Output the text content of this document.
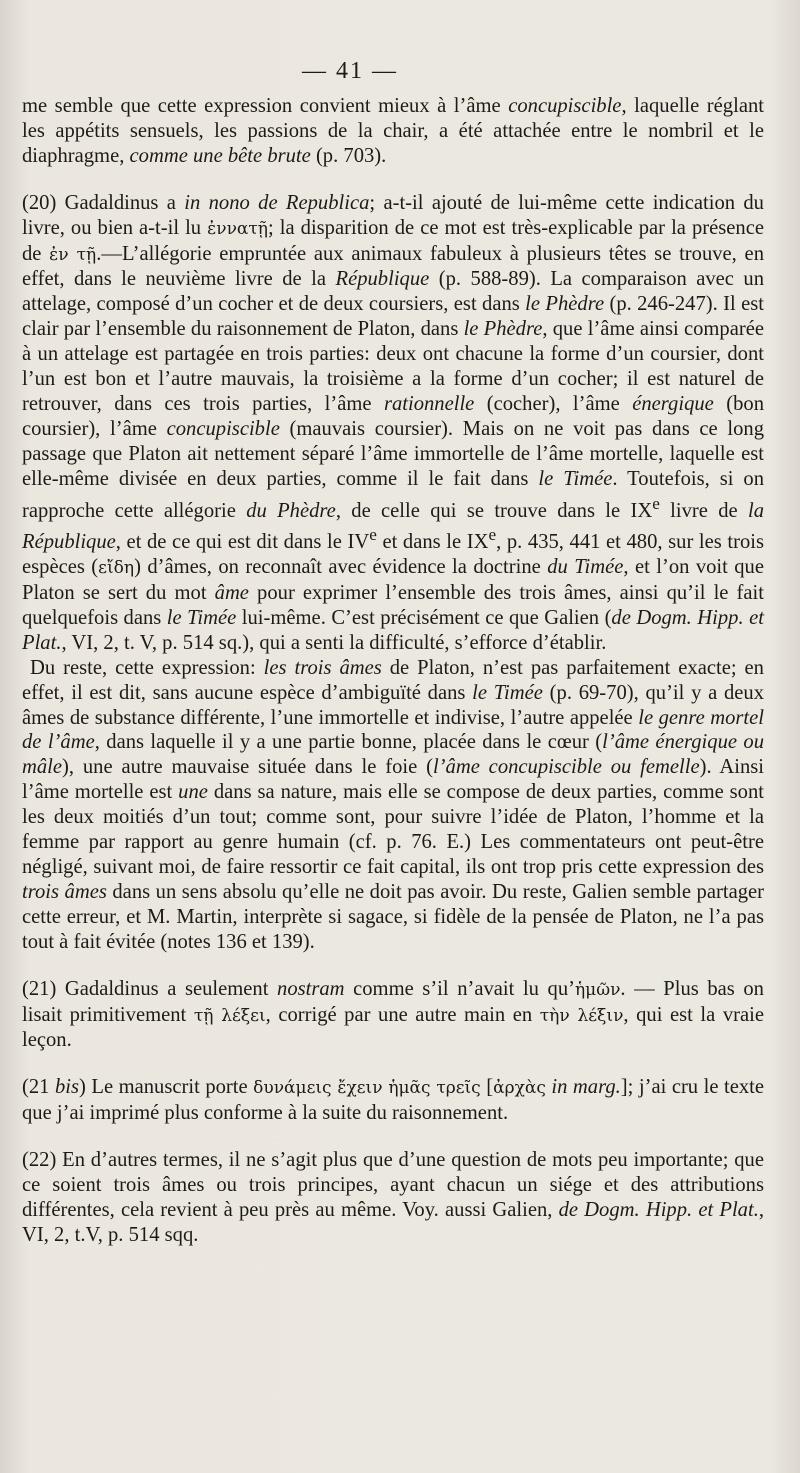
— 41 —

me semble que cette expression convient mieux à l’âme concupiscible, laquelle réglant les appétits sensuels, les passions de la chair, a été attachée entre le nombril et le diaphragme, comme une bête brute (p. 703).

(20) Gadaldinus a in nono de Republica; a-t-il ajouté de lui-même cette indication du livre, ou bien a-t-il lu ἐννατῇ; la disparition de ce mot est très-explicable par la présence de ἐν τῇ.—L’allégorie empruntée aux animaux fabuleux à plusieurs têtes se trouve, en effet, dans le neuvième livre de la République (p. 588-89). La comparaison avec un attelage, composé d’un cocher et de deux coursiers, est dans le Phèdre (p. 246-247). Il est clair par l’ensemble du raisonnement de Platon, dans le Phèdre, que l’âme ainsi comparée à un attelage est partagée en trois parties: deux ont chacune la forme d’un coursier, dont l’un est bon et l’autre mauvais, la troisième a la forme d’un cocher; il est naturel de retrouver, dans ces trois parties, l’âme rationnelle (cocher), l’âme énergique (bon coursier), l’âme concupiscible (mauvais coursier). Mais on ne voit pas dans ce long passage que Platon ait nettement séparé l’âme immortelle de l’âme mortelle, laquelle est elle-même divisée en deux parties, comme il le fait dans le Timée. Toutefois, si on rapproche cette allégorie du Phèdre, de celle qui se trouve dans le IXe livre de la République, et de ce qui est dit dans le IVe et dans le IXe, p. 435, 441 et 480, sur les trois espèces (εἴδη) d’âmes, on reconnaît avec évidence la doctrine du Timée, et l’on voit que Platon se sert du mot âme pour exprimer l’ensemble des trois âmes, ainsi qu’il le fait quelquefois dans le Timée lui-même. C’est précisément ce que Galien (de Dogm. Hipp. et Plat., VI, 2, t. V, p. 514 sq.), qui a senti la difficulté, s’efforce d’établir.

Du reste, cette expression: les trois âmes de Platon, n’est pas parfaitement exacte; en effet, il est dit, sans aucune espèce d’ambiguïté dans le Timée (p. 69-70), qu’il y a deux âmes de substance différente, l’une immortelle et indivise, l’autre appelée le genre mortel de l’âme, dans laquelle il y a une partie bonne, placée dans le cœur (l’âme énergique ou mâle), une autre mauvaise située dans le foie (l’âme concupiscible ou femelle). Ainsi l’âme mortelle est une dans sa nature, mais elle se compose de deux parties, comme sont les deux moitiés d’un tout; comme sont, pour suivre l’idée de Platon, l’homme et la femme par rapport au genre humain (cf. p. 76. E.) Les commentateurs ont peut-être négligé, suivant moi, de faire ressortir ce fait capital, ils ont trop pris cette expression des trois âmes dans un sens absolu qu’elle ne doit pas avoir. Du reste, Galien semble partager cette erreur, et M. Martin, interprète si sagace, si fidèle de la pensée de Platon, ne l’a pas tout à fait évitée (notes 136 et 139).

(21) Gadaldinus a seulement nostram comme s’il n’avait lu qu’ἡμῶν. — Plus bas on lisait primitivement τῇ λέξει, corrigé par une autre main en τὴν λέξιν, qui est la vraie leçon.

(21 bis) Le manuscrit porte δυνάμεις ἔχειν ἡμᾶς τρεῖς [ἀρχὰς in marg.]; j’ai cru le texte que j’ai imprimé plus conforme à la suite du raisonnement.

(22) En d’autres termes, il ne s’agit plus que d’une question de mots peu importante; que ce soient trois âmes ou trois principes, ayant chacun un siége et des attributions différentes, cela revient à peu près au même. Voy. aussi Galien, de Dogm. Hipp. et Plat., VI, 2, t.V, p. 514 sqq.
